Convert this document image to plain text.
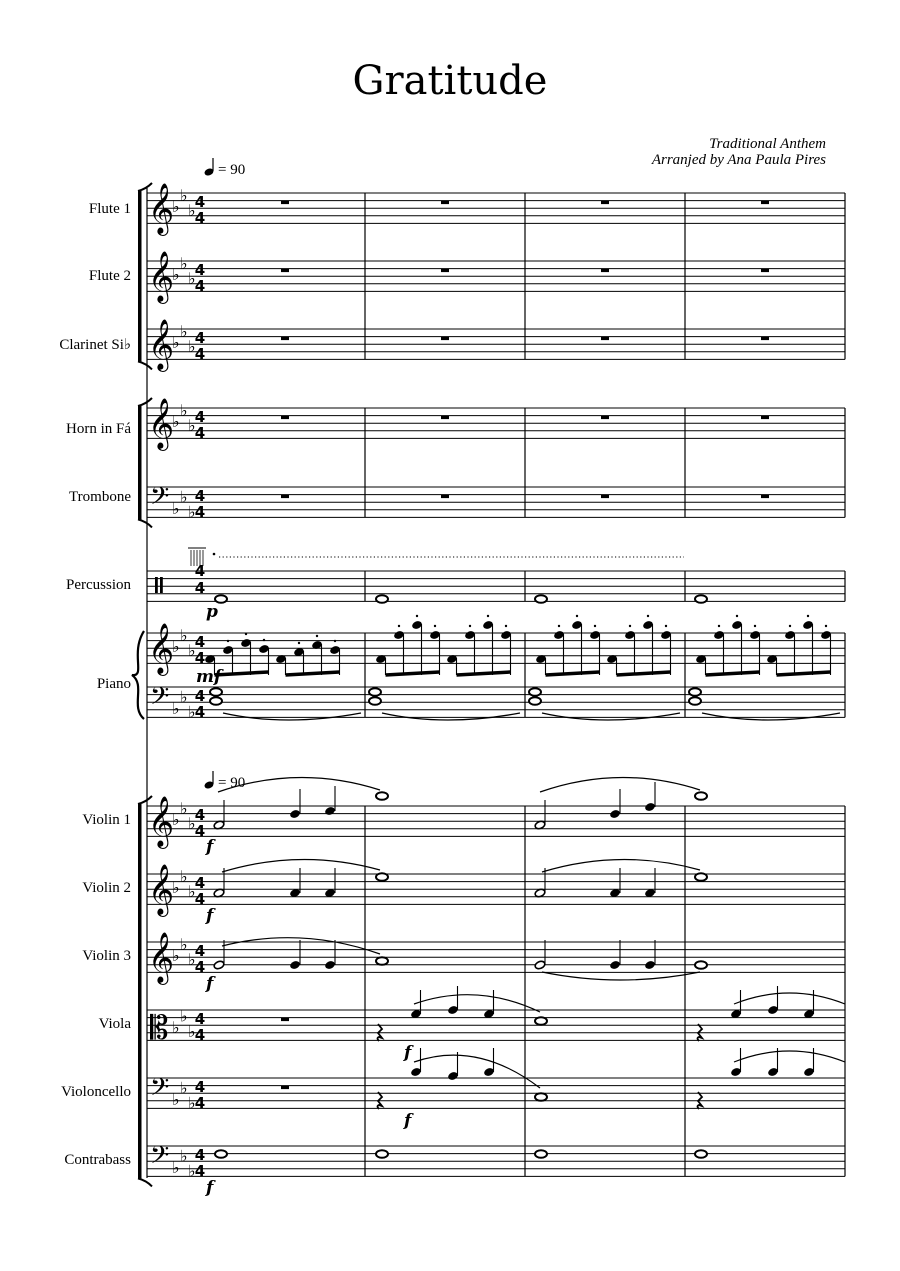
Gratitude
Traditional Anthem
Arranjed by Ana Paula Pires
= 90
𝄞
♭
♭
♭ 4
4
𝄞
♭
♭
♭ 4
4
𝄞
♭
♭
♭ 4
4
𝄞
♭
♭
♭ 4
4
𝄢 ♭
♭
♭
4
4
4
4
𝄞
♭
♭
♭ 4
4
𝄢 ♭
♭
♭
4
4
𝄞
♭
♭
♭ 4
4
𝄞
♭
♭
♭ 4
4
𝄞
♭
♭
♭ 4
4
𝄡 ♭
♭
♭
4
4
𝄢 ♭
♭
♭
4
4
𝄢 ♭
♭
♭
4
4
Flute 1
Flute 2
Clarinet Si♭
Horn in Fá
Trombone
Percussion
Piano
Violin 1
Violin 2
Violin 3
Viola
Violoncello
Contrabass
p
mf
f
f
f
f
f
f
= 90
